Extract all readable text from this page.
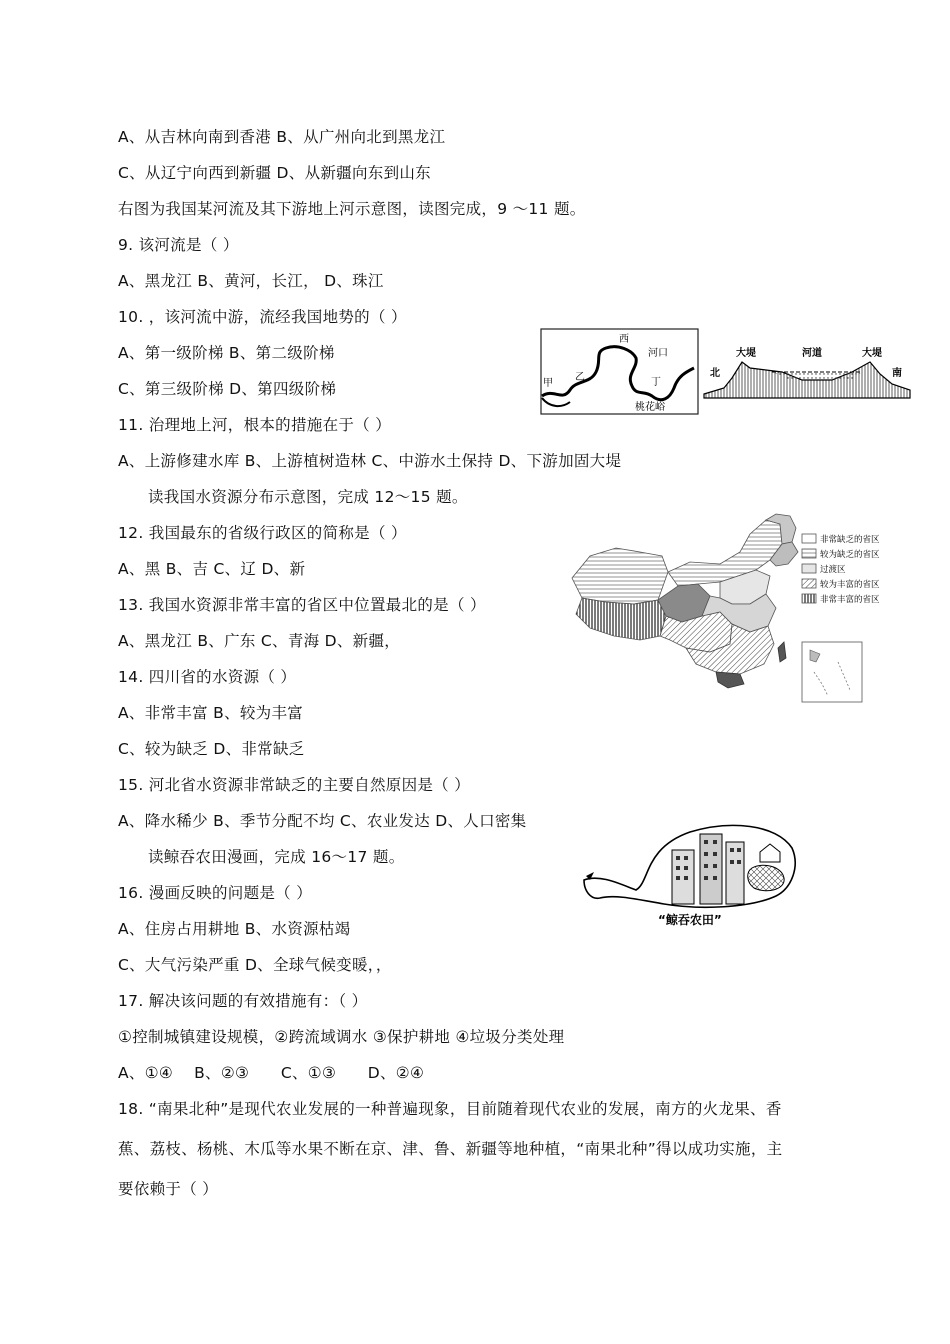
A、从吉林向南到香港 B、从广州向北到黑龙江
C、从辽宁向西到新疆 D、从新疆向东到山东
右图为我国某河流及其下游地上河示意图，读图完成，9 ～11 题。
9. 该河流是（ ）
A、黑龙江 B、黄河，长江， D、珠江
10. ，该河流中游，流经我国地势的（ ）
A、第一级阶梯 B、第二级阶梯
C、第三级阶梯 D、第四级阶梯
11. 治理地上河，根本的措施在于（ ）
A、上游修建水库 B、上游植树造林 C、中游水土保持 D、下游加固大堤
读我国水资源分布示意图，完成 12～15 题。
12. 我国最东的省级行政区的简称是（ ）
A、黑 B、吉 C、辽 D、新
13. 我国水资源非常丰富的省区中位置最北的是（ ）
A、黑龙江 B、广东 C、青海 D、新疆，
14. 四川省的水资源（ ）
A、非常丰富 B、较为丰富
C、较为缺乏 D、非常缺乏
15. 河北省水资源非常缺乏的主要自然原因是（ ）
A、降水稀少 B、季节分配不均 C、农业发达 D、人口密集
读鲸吞农田漫画，完成 16～17 题。
16. 漫画反映的问题是（ ）
A、住房占用耕地 B、水资源枯竭
C、大气污染严重 D、全球气候变暖，，
17. 解决该问题的有效措施有：（ ）
①控制城镇建设规模，②跨流域调水 ③保护耕地 ④垃圾分类处理
A、①④　 B、②③　　C、①③　　D、②④
18. “南果北种”是现代农业发展的一种普遍现象，目前随着现代农业的发展，南方的火龙果、香
蕉、荔枝、杨桃、木瓜等水果不断在京、津、鲁、新疆等地种植，“南果北种”得以成功实施，主
要依赖于（ ）
西
河口
乙
甲	丁
桃花峪
大堤	河道	大堤
北	南
非常缺乏的省区
较为缺乏的省区
过渡区
较为丰富的省区
非常丰富的省区
“鲸吞农田”
